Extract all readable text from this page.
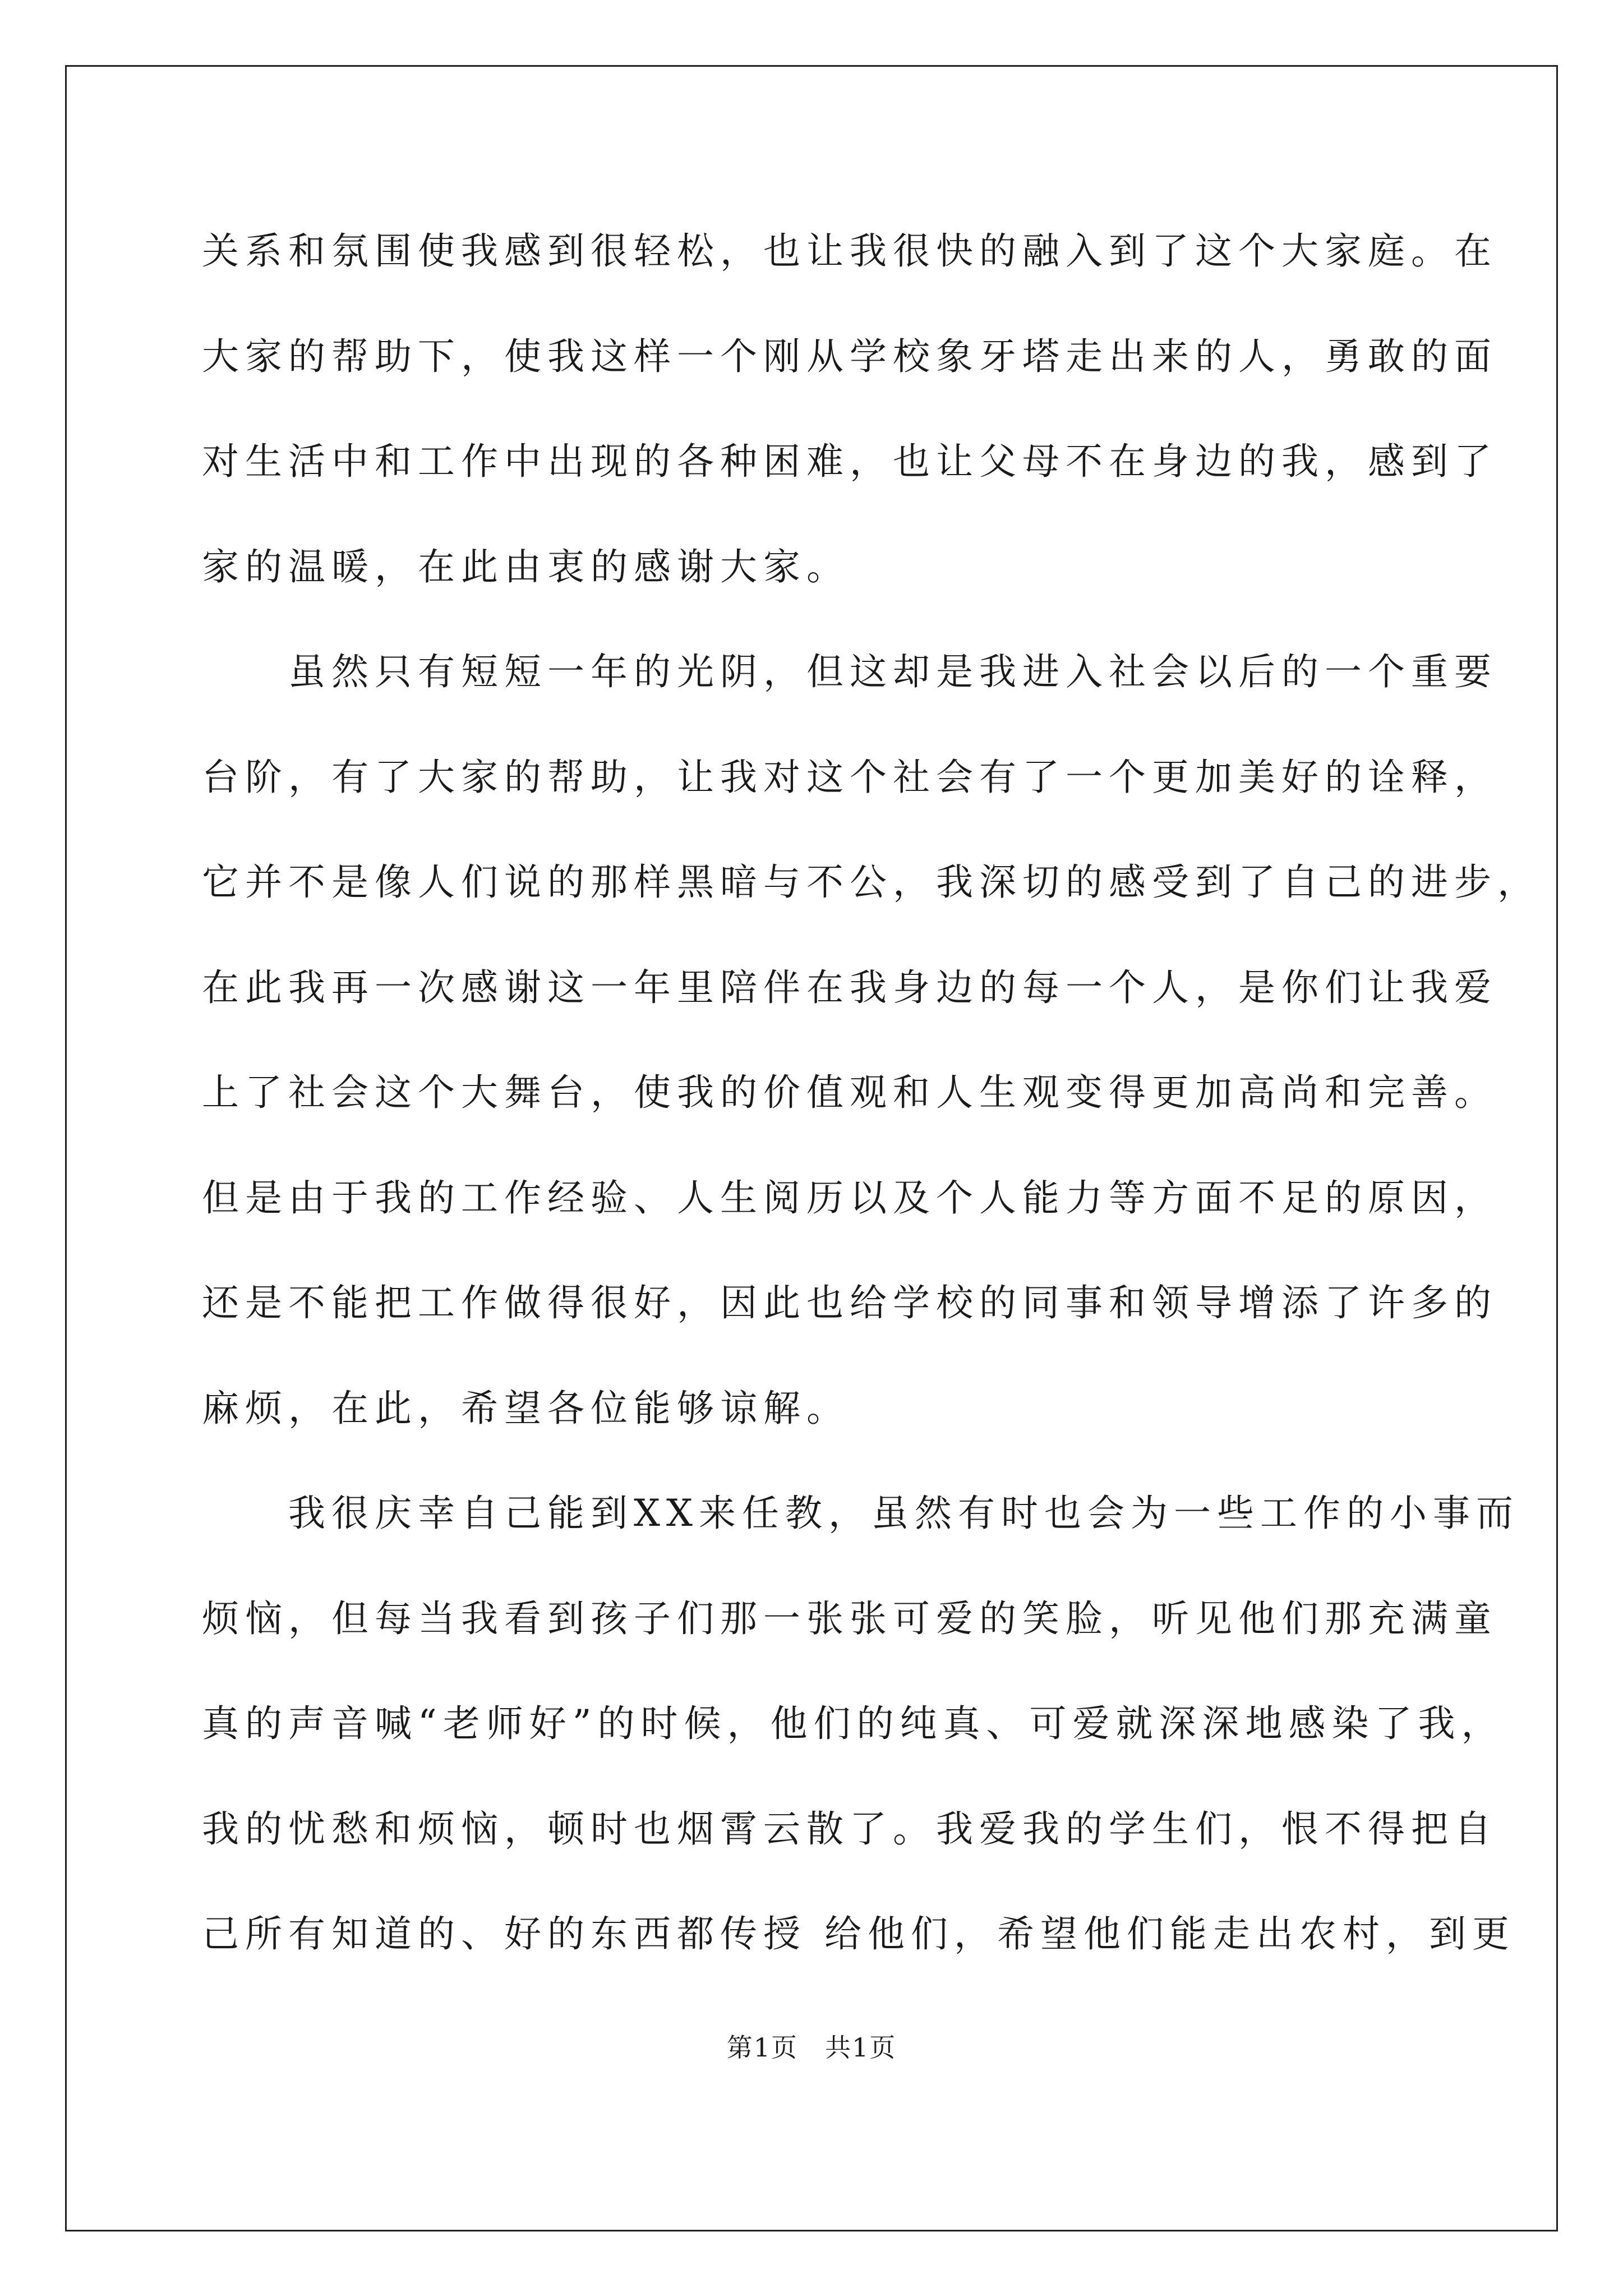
关系和氛围使我感到很轻松，也让我很快的融入到了这个大家庭。在
大家的帮助下，使我这样一个刚从学校象牙塔走出来的人，勇敢的面
对生活中和工作中出现的各种困难，也让父母不在身边的我，感到了
家的温暖，在此由衷的感谢大家。
　　虽然只有短短一年的光阴，但这却是我进入社会以后的一个重要
台阶，有了大家的帮助，让我对这个社会有了一个更加美好的诠释，
它并不是像人们说的那样黑暗与不公，我深切的感受到了自己的进步，
在此我再一次感谢这一年里陪伴在我身边的每一个人，是你们让我爱
上了社会这个大舞台，使我的价值观和人生观变得更加高尚和完善。
但是由于我的工作经验、人生阅历以及个人能力等方面不足的原因，
还是不能把工作做得很好，因此也给学校的同事和领导增添了许多的
麻烦，在此，希望各位能够谅解。
　　我很庆幸自己能到XX来任教，虽然有时也会为一些工作的小事而
烦恼，但每当我看到孩子们那一张张可爱的笑脸，听见他们那充满童
真的声音喊“老师好”的时候，他们的纯真、可爱就深深地感染了我，
我的忧愁和烦恼，顿时也烟霄云散了。我爱我的学生们，恨不得把自
己所有知道的、好的东西都传授 给他们，希望他们能走出农村，到更
第1页　共1页
